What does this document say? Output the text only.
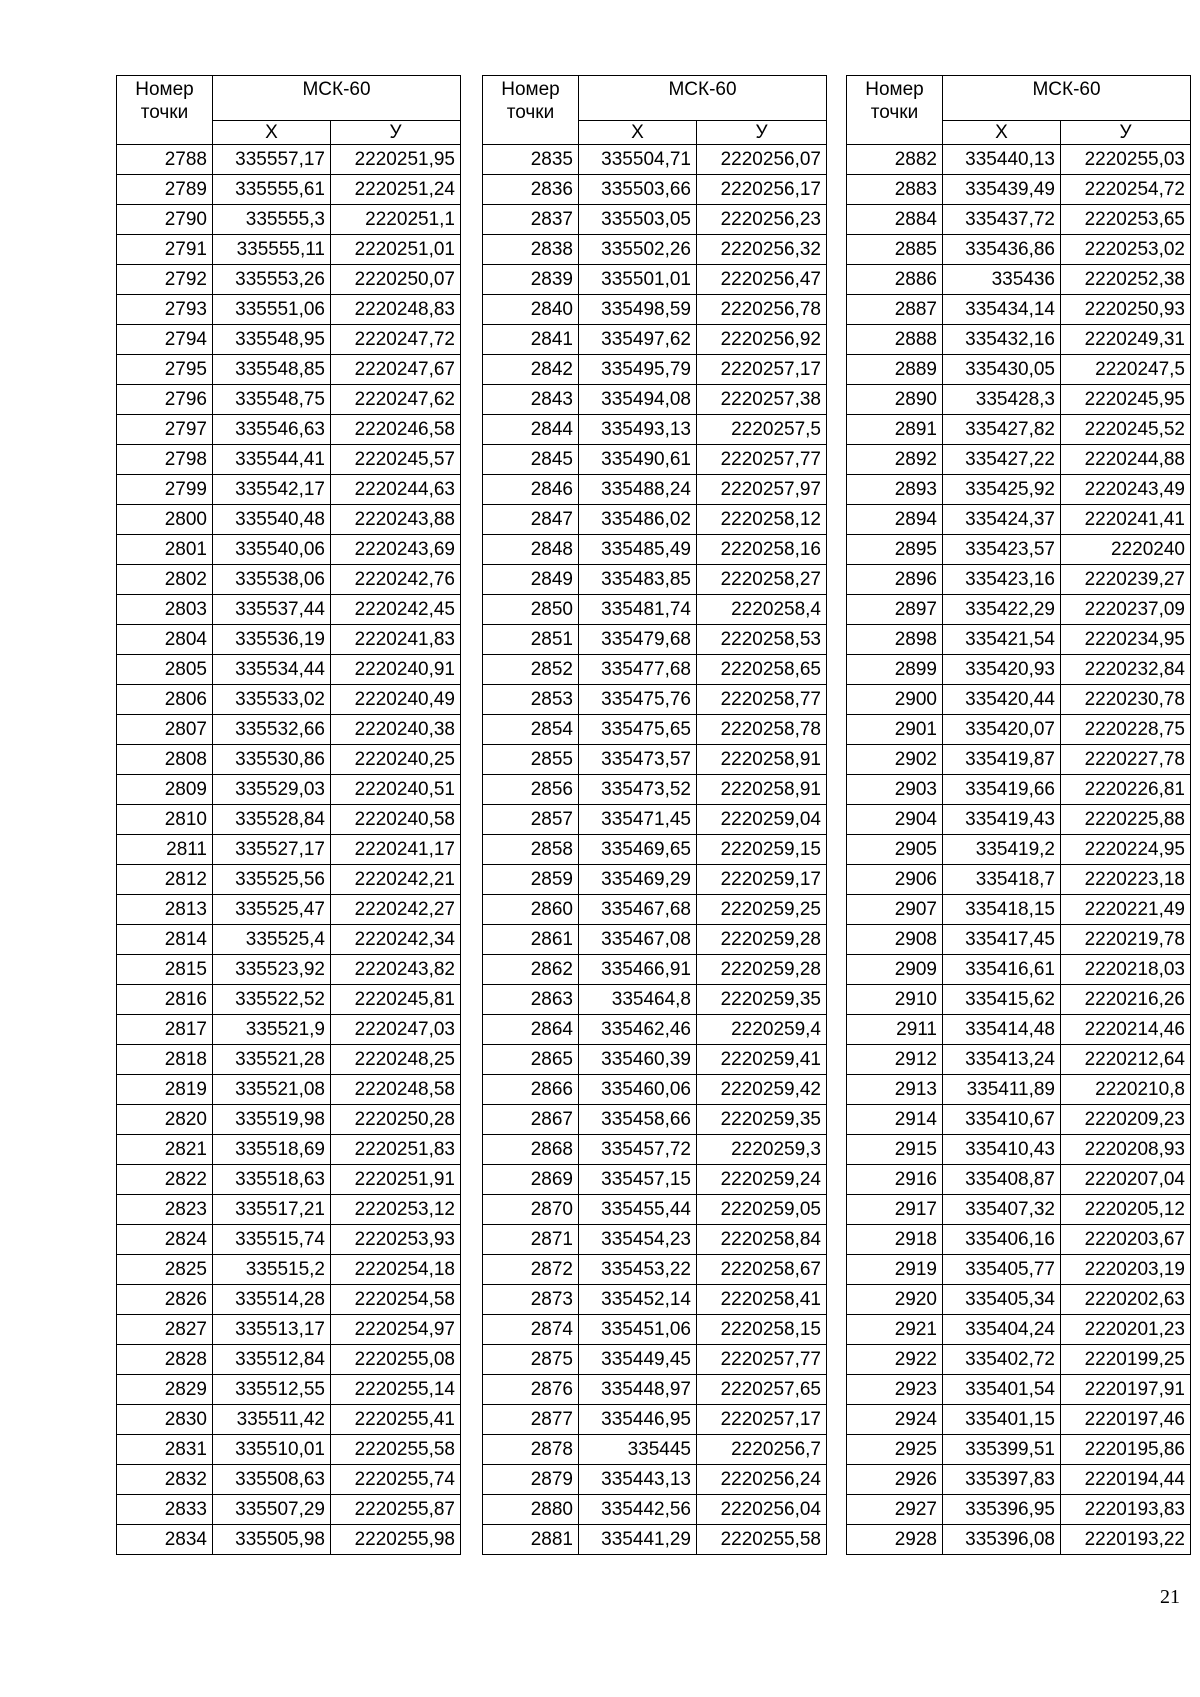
Номер
точки	МСК-60	
	X	У
2788	335557,17	2220251,95
2789	335555,61	2220251,24
2790	335555,3	2220251,1
2791	335555,11	2220251,01
2792	335553,26	2220250,07
2793	335551,06	2220248,83
2794	335548,95	2220247,72
2795	335548,85	2220247,67
2796	335548,75	2220247,62
2797	335546,63	2220246,58
2798	335544,41	2220245,57
2799	335542,17	2220244,63
2800	335540,48	2220243,88
2801	335540,06	2220243,69
2802	335538,06	2220242,76
2803	335537,44	2220242,45
2804	335536,19	2220241,83
2805	335534,44	2220240,91
2806	335533,02	2220240,49
2807	335532,66	2220240,38
2808	335530,86	2220240,25
2809	335529,03	2220240,51
2810	335528,84	2220240,58
2811	335527,17	2220241,17
2812	335525,56	2220242,21
2813	335525,47	2220242,27
2814	335525,4	2220242,34
2815	335523,92	2220243,82
2816	335522,52	2220245,81
2817	335521,9	2220247,03
2818	335521,28	2220248,25
2819	335521,08	2220248,58
2820	335519,98	2220250,28
2821	335518,69	2220251,83
2822	335518,63	2220251,91
2823	335517,21	2220253,12
2824	335515,74	2220253,93
2825	335515,2	2220254,18
2826	335514,28	2220254,58
2827	335513,17	2220254,97
2828	335512,84	2220255,08
2829	335512,55	2220255,14
2830	335511,42	2220255,41
2831	335510,01	2220255,58
2832	335508,63	2220255,74
2833	335507,29	2220255,87
2834	335505,98	2220255,98
Номер
точки	МСК-60	
	X	У
2835	335504,71	2220256,07
2836	335503,66	2220256,17
2837	335503,05	2220256,23
2838	335502,26	2220256,32
2839	335501,01	2220256,47
2840	335498,59	2220256,78
2841	335497,62	2220256,92
2842	335495,79	2220257,17
2843	335494,08	2220257,38
2844	335493,13	2220257,5
2845	335490,61	2220257,77
2846	335488,24	2220257,97
2847	335486,02	2220258,12
2848	335485,49	2220258,16
2849	335483,85	2220258,27
2850	335481,74	2220258,4
2851	335479,68	2220258,53
2852	335477,68	2220258,65
2853	335475,76	2220258,77
2854	335475,65	2220258,78
2855	335473,57	2220258,91
2856	335473,52	2220258,91
2857	335471,45	2220259,04
2858	335469,65	2220259,15
2859	335469,29	2220259,17
2860	335467,68	2220259,25
2861	335467,08	2220259,28
2862	335466,91	2220259,28
2863	335464,8	2220259,35
2864	335462,46	2220259,4
2865	335460,39	2220259,41
2866	335460,06	2220259,42
2867	335458,66	2220259,35
2868	335457,72	2220259,3
2869	335457,15	2220259,24
2870	335455,44	2220259,05
2871	335454,23	2220258,84
2872	335453,22	2220258,67
2873	335452,14	2220258,41
2874	335451,06	2220258,15
2875	335449,45	2220257,77
2876	335448,97	2220257,65
2877	335446,95	2220257,17
2878	335445	2220256,7
2879	335443,13	2220256,24
2880	335442,56	2220256,04
2881	335441,29	2220255,58
Номер
точки	МСК-60	
	X	У
2882	335440,13	2220255,03
2883	335439,49	2220254,72
2884	335437,72	2220253,65
2885	335436,86	2220253,02
2886	335436	2220252,38
2887	335434,14	2220250,93
2888	335432,16	2220249,31
2889	335430,05	2220247,5
2890	335428,3	2220245,95
2891	335427,82	2220245,52
2892	335427,22	2220244,88
2893	335425,92	2220243,49
2894	335424,37	2220241,41
2895	335423,57	2220240
2896	335423,16	2220239,27
2897	335422,29	2220237,09
2898	335421,54	2220234,95
2899	335420,93	2220232,84
2900	335420,44	2220230,78
2901	335420,07	2220228,75
2902	335419,87	2220227,78
2903	335419,66	2220226,81
2904	335419,43	2220225,88
2905	335419,2	2220224,95
2906	335418,7	2220223,18
2907	335418,15	2220221,49
2908	335417,45	2220219,78
2909	335416,61	2220218,03
2910	335415,62	2220216,26
2911	335414,48	2220214,46
2912	335413,24	2220212,64
2913	335411,89	2220210,8
2914	335410,67	2220209,23
2915	335410,43	2220208,93
2916	335408,87	2220207,04
2917	335407,32	2220205,12
2918	335406,16	2220203,67
2919	335405,77	2220203,19
2920	335405,34	2220202,63
2921	335404,24	2220201,23
2922	335402,72	2220199,25
2923	335401,54	2220197,91
2924	335401,15	2220197,46
2925	335399,51	2220195,86
2926	335397,83	2220194,44
2927	335396,95	2220193,83
2928	335396,08	2220193,22
21
